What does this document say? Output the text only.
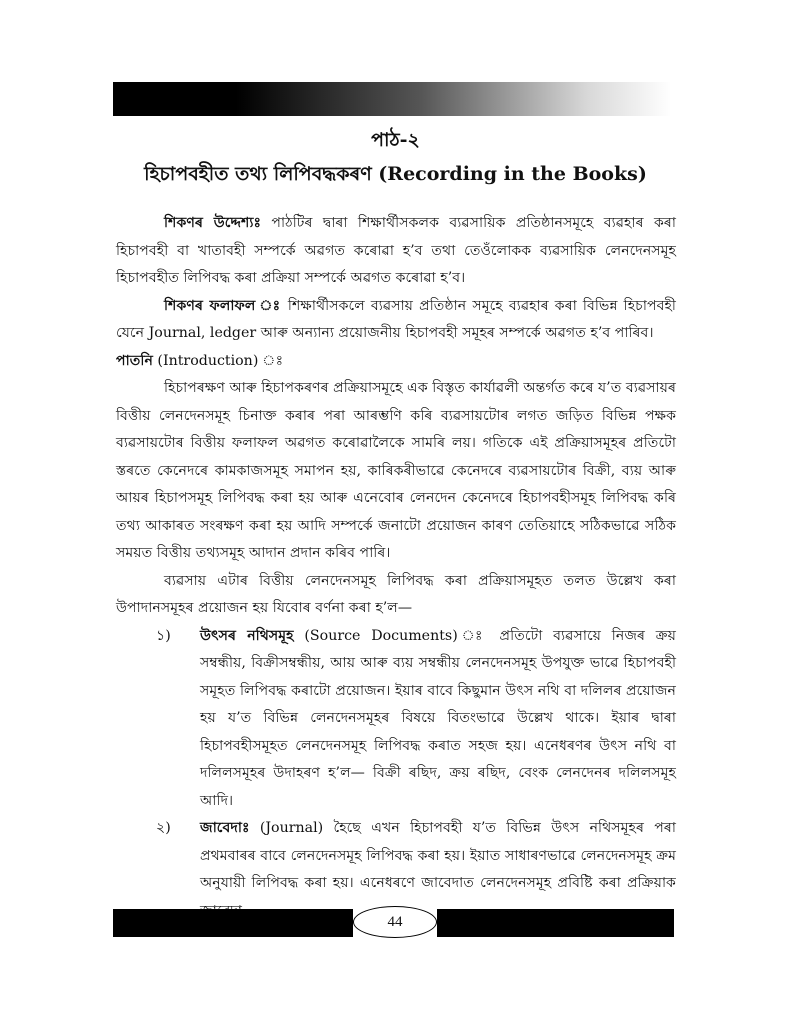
পাঠ-২
হিচাপবহীত তথ্য লিপিবদ্ধকৰণ (Recording in the Books)

শিকণৰ উদ্দেশ্যঃ পাঠটিৰ দ্বাৰা শিক্ষাৰ্থীসকলক ব্যৱসায়িক প্ৰতিষ্ঠানসমূহে ব্যৱহাৰ কৰা হিচাপবহী বা খাতাবহী সম্পৰ্কে অৱগত কৰোৱা হ’ব তথা তেওঁলোকক ব্যৱসায়িক লেনদেনসমূহ হিচাপবহীত লিপিবদ্ধ কৰা প্ৰক্ৰিয়া সম্পৰ্কে অৱগত কৰোৱা হ’ব।

শিকণৰ ফলাফল ঃ শিক্ষাৰ্থীসকলে ব্যৱসায় প্ৰতিষ্ঠান সমূহে ব্যৱহাৰ কৰা বিভিন্ন হিচাপবহী যেনে Journal, ledger আৰু অন্যান্য প্ৰয়োজনীয় হিচাপবহী সমূহৰ সম্পৰ্কে অৱগত হ’ব পাৰিব।

পাতনি (Introduction) ঃ

হিচাপৰক্ষণ আৰু হিচাপকৰণৰ প্ৰক্ৰিয়াসমূহে এক বিস্তৃত কাৰ্যাৱলী অন্তৰ্গত কৰে য’ত ব্যৱসায়ৰ বিত্তীয় লেনদেনসমূহ চিনাক্ত কৰাৰ পৰা আৰম্ভণি কৰি ব্যৱসায়টোৰ লগত জড়িত বিভিন্ন পক্ষক ব্যৱসায়টোৰ বিত্তীয় ফলাফল অৱগত কৰোৱালৈকে সামৰি লয়। গতিকে এই প্ৰক্ৰিয়াসমূহৰ প্ৰতিটো স্তৰতে কেনেদৰে কামকাজসমূহ সমাপন হয়, কাৰিকৰীভাৱে কেনেদৰে ব্যৱসায়টোৰ বিক্ৰী, ব্যয় আৰু আয়ৰ হিচাপসমূহ লিপিবদ্ধ কৰা হয় আৰু এনেবোৰ লেনদেন কেনেদৰে হিচাপবহীসমূহ লিপিবদ্ধ কৰি তথ্য আকাৰত সংৰক্ষণ কৰা হয় আদি সম্পৰ্কে জনাটো প্ৰয়োজন কাৰণ তেতিয়াহে সঠিকভাৱে সঠিক সময়ত বিত্তীয় তথ্যসমূহ আদান প্ৰদান কৰিব পাৰি।

ব্যৱসায় এটাৰ বিত্তীয় লেনদেনসমূহ লিপিবদ্ধ কৰা প্ৰক্ৰিয়াসমূহত তলত উল্লেখ কৰা উপাদানসমূহৰ প্ৰয়োজন হয় যিবোৰ বৰ্ণনা কৰা হ’ল—

১) উৎসৰ নথিসমূহ (Source Documents) ঃ প্ৰতিটো ব্যৱসায়ে নিজৰ ক্ৰয় সম্বন্ধীয়, বিক্ৰীসম্বন্ধীয়, আয় আৰু ব্যয় সম্বন্ধীয় লেনদেনসমূহ উপযুক্ত ভাৱে হিচাপবহী সমূহত লিপিবদ্ধ কৰাটো প্ৰয়োজন। ইয়াৰ বাবে কিছুমান উৎস নথি বা দলিলৰ প্ৰয়োজন হয় য’ত বিভিন্ন লেনদেনসমূহৰ বিষয়ে বিতংভাৱে উল্লেখ থাকে। ইয়াৰ দ্বাৰা হিচাপবহীসমূহত লেনদেনসমূহ লিপিবদ্ধ কৰাত সহজ হয়। এনেধৰণৰ উৎস নথি বা দলিলসমূহৰ উদাহৰণ হ’ল— বিক্ৰী ৰছিদ, ক্ৰয় ৰছিদ, বেংক লেনদেনৰ দলিলসমূহ আদি।
২) জাবেদাঃ (Journal) হৈছে এখন হিচাপবহী য’ত বিভিন্ন উৎস নথিসমূহৰ পৰা প্ৰথমবাৰৰ বাবে লেনদেনসমূহ লিপিবদ্ধ কৰা হয়। ইয়াত সাধাৰণভাৱে লেনদেনসমূহ ক্ৰম অনুযায়ী লিপিবদ্ধ কৰা হয়। এনেধৰণে জাবেদাত লেনদেনসমূহ প্ৰবিষ্টি কৰা প্ৰক্ৰিয়াক
44
